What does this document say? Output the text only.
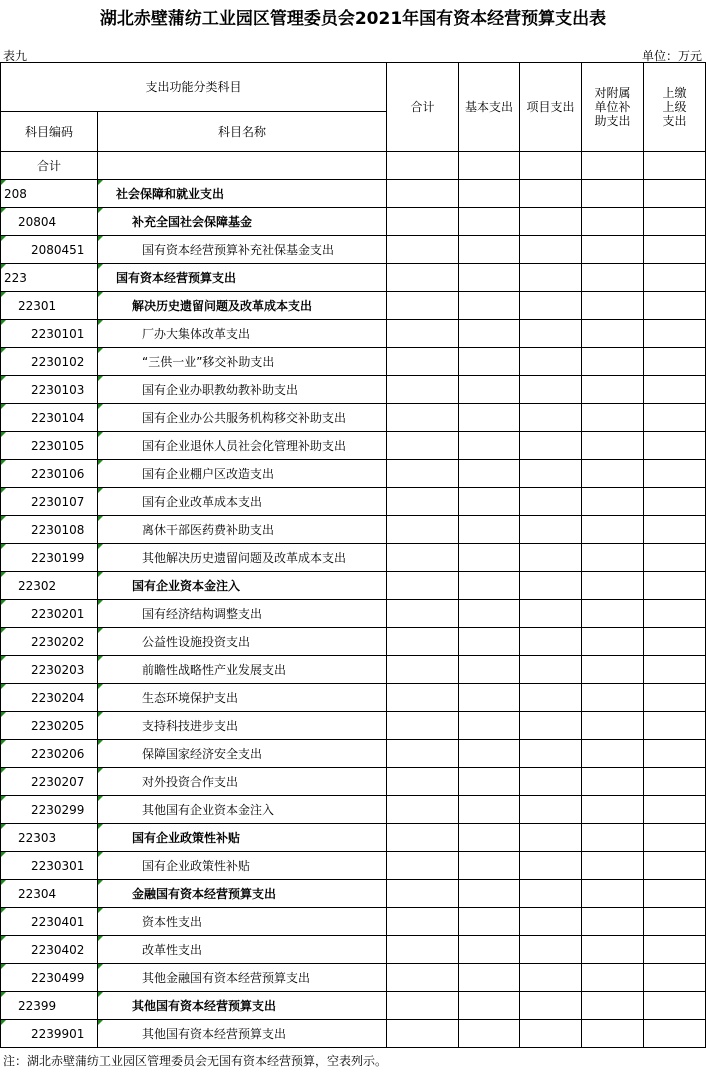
湖北赤壁蒲纺工业园区管理委员会2021年国有资本经营预算支出表
表九	单位：万元
支出功能分类科目		合计	基本支出	项目支出	对附属单位补助支出	上缴上级支出
科目编码	科目名称					
合计						
208	社会保障和就业支出					
20804	补充全国社会保障基金					
2080451	国有资本经营预算补充社保基金支出					
223	国有资本经营预算支出					
22301	解决历史遗留问题及改革成本支出					
2230101	厂办大集体改革支出					
2230102	“三供一业”移交补助支出					
2230103	国有企业办职教幼教补助支出					
2230104	国有企业办公共服务机构移交补助支出					
2230105	国有企业退休人员社会化管理补助支出					
2230106	国有企业棚户区改造支出					
2230107	国有企业改革成本支出					
2230108	离休干部医药费补助支出					
2230199	其他解决历史遗留问题及改革成本支出					
22302	国有企业资本金注入					
2230201	国有经济结构调整支出					
2230202	公益性设施投资支出					
2230203	前瞻性战略性产业发展支出					
2230204	生态环境保护支出					
2230205	支持科技进步支出					
2230206	保障国家经济安全支出					
2230207	对外投资合作支出					
2230299	其他国有企业资本金注入					
22303	国有企业政策性补贴					
2230301	国有企业政策性补贴					
22304	金融国有资本经营预算支出					
2230401	资本性支出					
2230402	改革性支出					
2230499	其他金融国有资本经营预算支出					
22399	其他国有资本经营预算支出					
2239901	其他国有资本经营预算支出					
注：湖北赤壁蒲纺工业园区管理委员会无国有资本经营预算，空表列示。
